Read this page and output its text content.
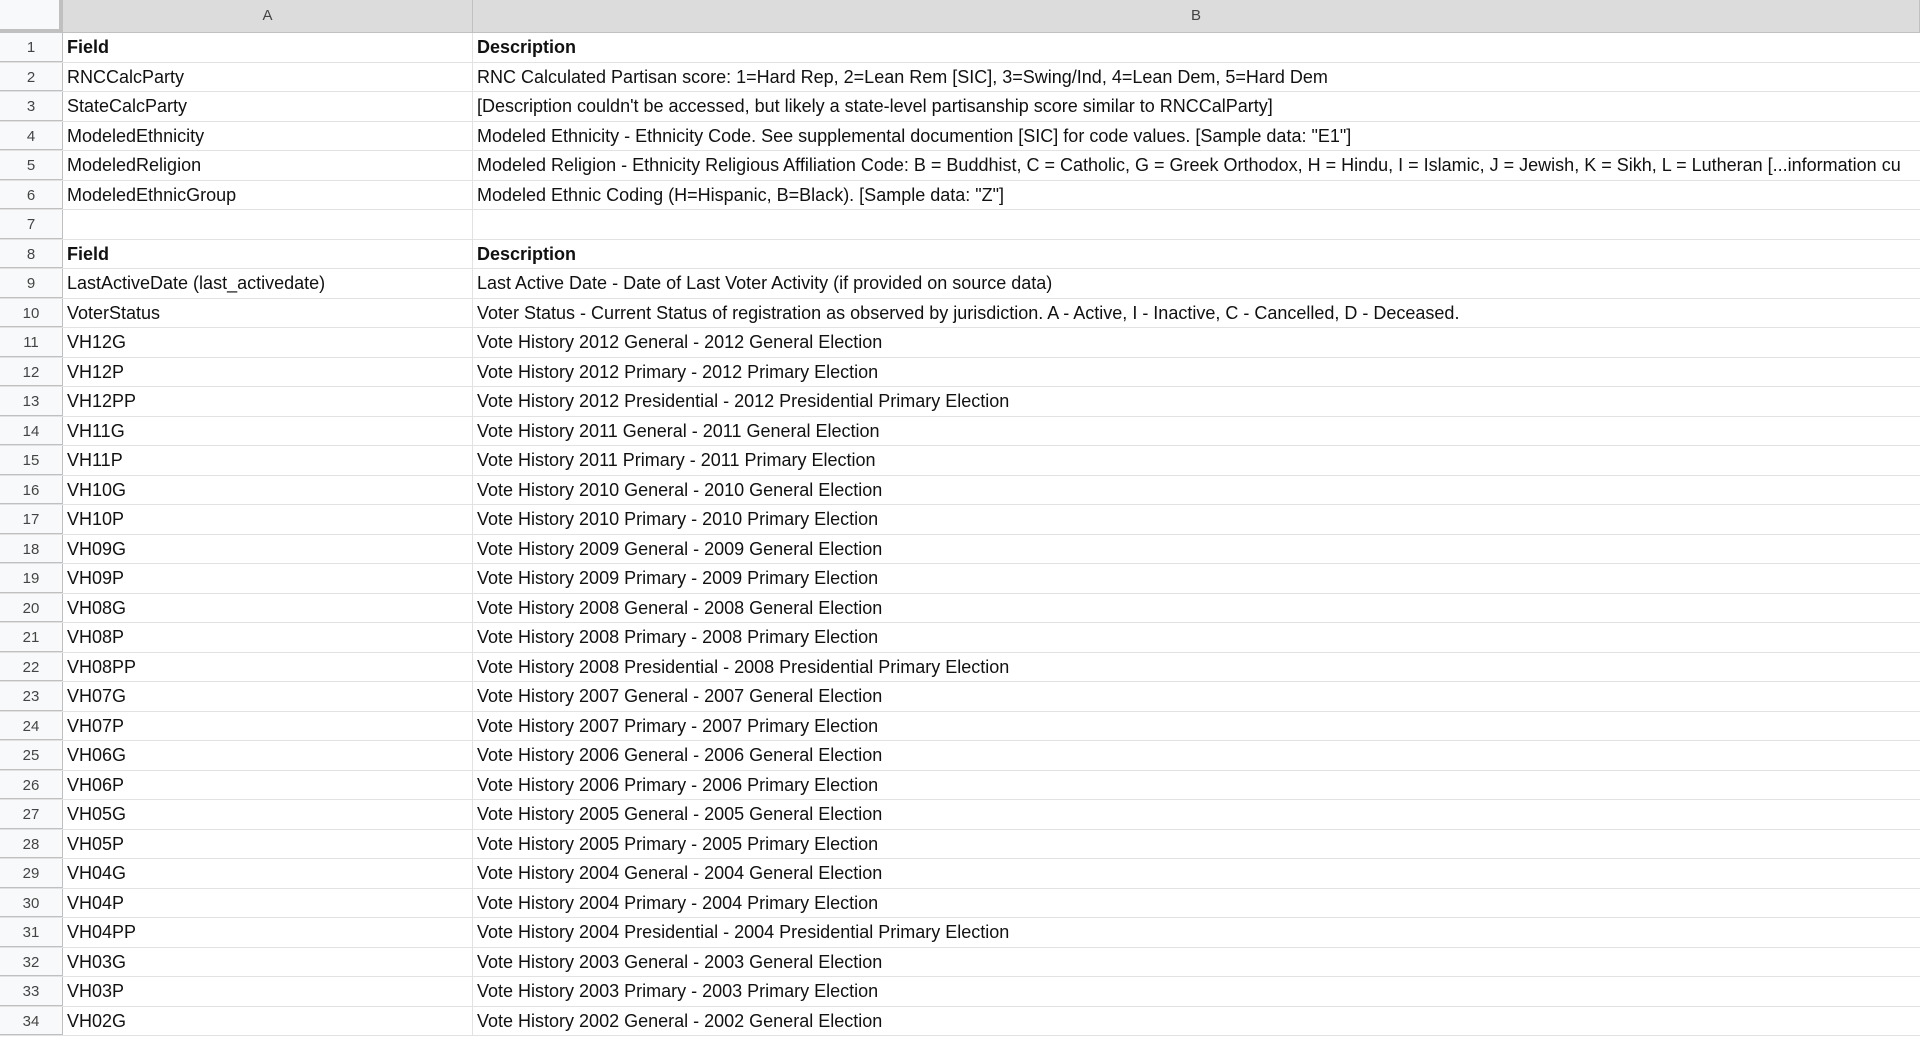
A	B
1	Field	Description
2	RNCCalcParty	RNC Calculated Partisan score: 1=Hard Rep, 2=Lean Rem [SIC], 3=Swing/Ind, 4=Lean Dem, 5=Hard Dem
3	StateCalcParty	[Description couldn't be accessed, but likely a state-level partisanship score similar to RNCCalParty]
4	ModeledEthnicity	Modeled Ethnicity - Ethnicity Code. See supplemental documention [SIC] for code values. [Sample data: "E1"]
5	ModeledReligion	Modeled Religion - Ethnicity Religious Affiliation Code: B = Buddhist, C = Catholic, G = Greek Orthodox, H = Hindu, I = Islamic, J = Jewish, K = Sikh, L = Lutheran [...information cu
6	ModeledEthnicGroup	Modeled Ethnic Coding (H=Hispanic, B=Black). [Sample data: "Z"]
7
8	Field	Description
9	LastActiveDate (last_activedate)	Last Active Date - Date of Last Voter Activity (if provided on source data)
10	VoterStatus	Voter Status - Current Status of registration as observed by jurisdiction. A - Active, I - Inactive, C - Cancelled, D - Deceased.
11	VH12G	Vote History 2012 General - 2012 General Election
12	VH12P	Vote History 2012 Primary - 2012 Primary Election
13	VH12PP	Vote History 2012 Presidential - 2012 Presidential Primary Election
14	VH11G	Vote History 2011 General - 2011 General Election
15	VH11P	Vote History 2011 Primary - 2011 Primary Election
16	VH10G	Vote History 2010 General - 2010 General Election
17	VH10P	Vote History 2010 Primary - 2010 Primary Election
18	VH09G	Vote History 2009 General - 2009 General Election
19	VH09P	Vote History 2009 Primary - 2009 Primary Election
20	VH08G	Vote History 2008 General - 2008 General Election
21	VH08P	Vote History 2008 Primary - 2008 Primary Election
22	VH08PP	Vote History 2008 Presidential - 2008 Presidential Primary Election
23	VH07G	Vote History 2007 General - 2007 General Election
24	VH07P	Vote History 2007 Primary - 2007 Primary Election
25	VH06G	Vote History 2006 General - 2006 General Election
26	VH06P	Vote History 2006 Primary - 2006 Primary Election
27	VH05G	Vote History 2005 General - 2005 General Election
28	VH05P	Vote History 2005 Primary - 2005 Primary Election
29	VH04G	Vote History 2004 General - 2004 General Election
30	VH04P	Vote History 2004 Primary - 2004 Primary Election
31	VH04PP	Vote History 2004 Presidential - 2004 Presidential Primary Election
32	VH03G	Vote History 2003 General - 2003 General Election
33	VH03P	Vote History 2003 Primary - 2003 Primary Election
34	VH02G	Vote History 2002 General - 2002 General Election
